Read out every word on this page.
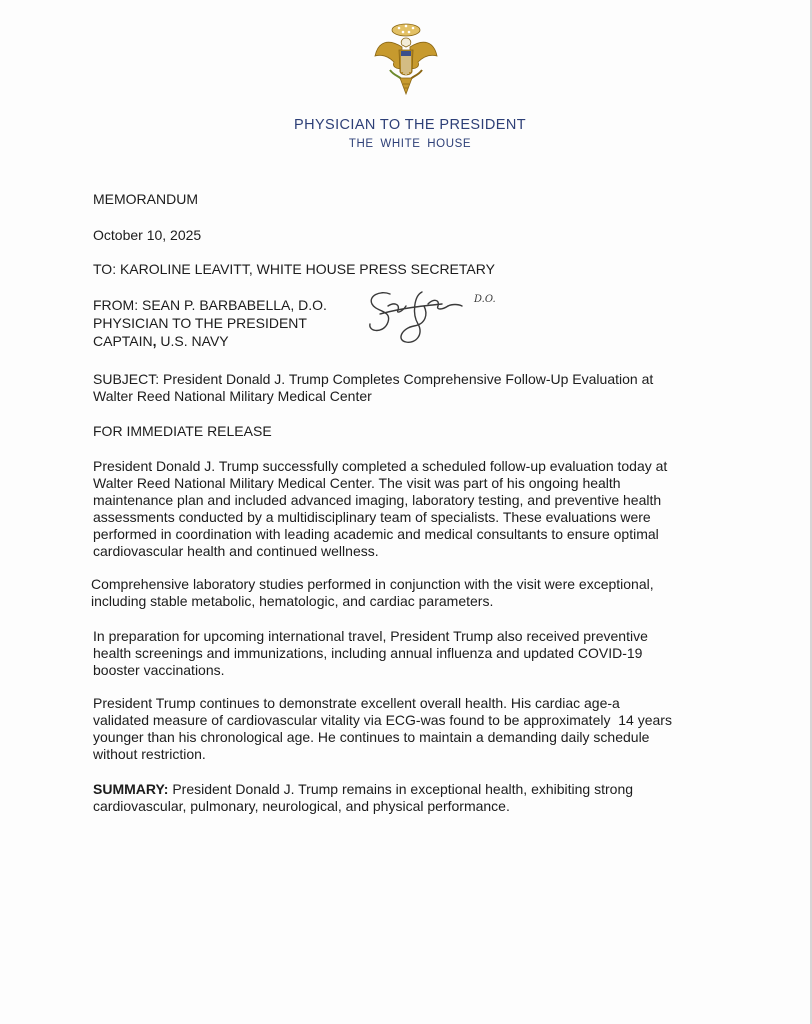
PHYSICIAN TO THE PRESIDENT
THE WHITE HOUSE
MEMORANDUM
October 10, 2025
TO: KAROLINE LEAVITT, WHITE HOUSE PRESS SECRETARY
FROM: SEAN P. BARBABELLA, D.O.
PHYSICIAN TO THE PRESIDENT
CAPTAIN, U.S. NAVY
D.O.

SUBJECT: President Donald J. Trump Completes Comprehensive Follow-Up Evaluation at

Walter Reed National Military Medical Center

FOR IMMEDIATE RELEASE

President Donald J. Trump successfully completed a scheduled follow-up evaluation today at

Walter Reed National Military Medical Center. The visit was part of his ongoing health

maintenance plan and included advanced imaging, laboratory testing, and preventive health

assessments conducted by a multidisciplinary team of specialists. These evaluations were

performed in coordination with leading academic and medical consultants to ensure optimal

cardiovascular health and continued wellness.

Comprehensive laboratory studies performed in conjunction with the visit were exceptional,

including stable metabolic, hematologic, and cardiac parameters.

In preparation for upcoming international travel, President Trump also received preventive

health screenings and immunizations, including annual influenza and updated COVID-19

booster vaccinations.

President Trump continues to demonstrate excellent overall health. His cardiac age-a

validated measure of cardiovascular vitality via ECG-was found to be approximately  14 years

younger than his chronological age. He continues to maintain a demanding daily schedule

without restriction.

SUMMARY: President Donald J. Trump remains in exceptional health, exhibiting strong

cardiovascular, pulmonary, neurological, and physical performance.
